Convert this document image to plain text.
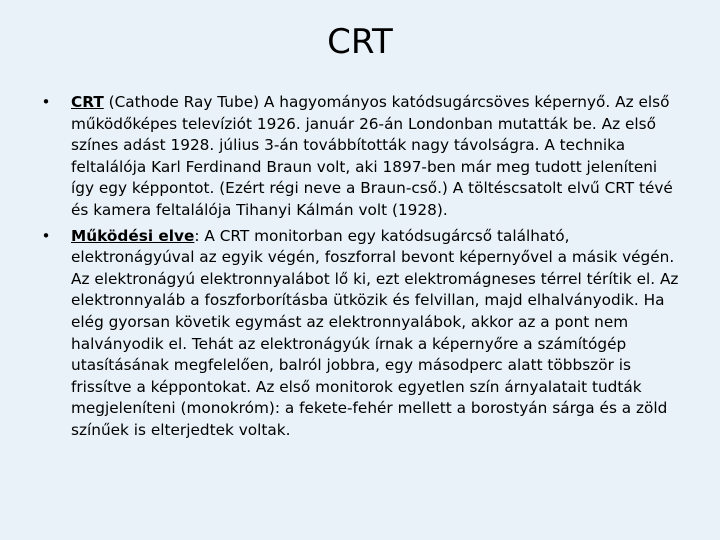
CRT
•	CRT (Cathode Ray Tube) A hagyományos katódsugárcsöves képernyő. Az első működőképes televíziót 1926. január 26-án Londonban mutatták be. Az első színes adást 1928. július 3-án továbbították nagy távolságra. A technika feltalálója Karl Ferdinand Braun volt, aki 1897-ben már meg tudott jeleníteni így egy képpontot. (Ezért régi neve a Braun-cső.) A töltéscsatolt elvű CRT tévé és kamera feltalálója Tihanyi Kálmán volt (1928).
•	Működési elve: A CRT monitorban egy katódsugárcső található, elektronágyúval az egyik végén, foszforral bevont képernyővel a másik végén. Az elektronágyú elektronnyalábot lő ki, ezt elektromágneses térrel térítik el. Az elektronnyaláb a foszforborításba ütközik és felvillan, majd elhalványodik. Ha elég gyorsan követik egymást az elektronnyalábok, akkor az a pont nem halványodik el. Tehát az elektronágyúk írnak a képernyőre a számítógép utasításának megfelelően, balról jobbra, egy másodperc alatt többször is frissítve a képpontokat. Az első monitorok egyetlen szín árnyalatait tudták megjeleníteni (monokróm): a fekete-fehér mellett a borostyán sárga és a zöld színűek is elterjedtek voltak.
